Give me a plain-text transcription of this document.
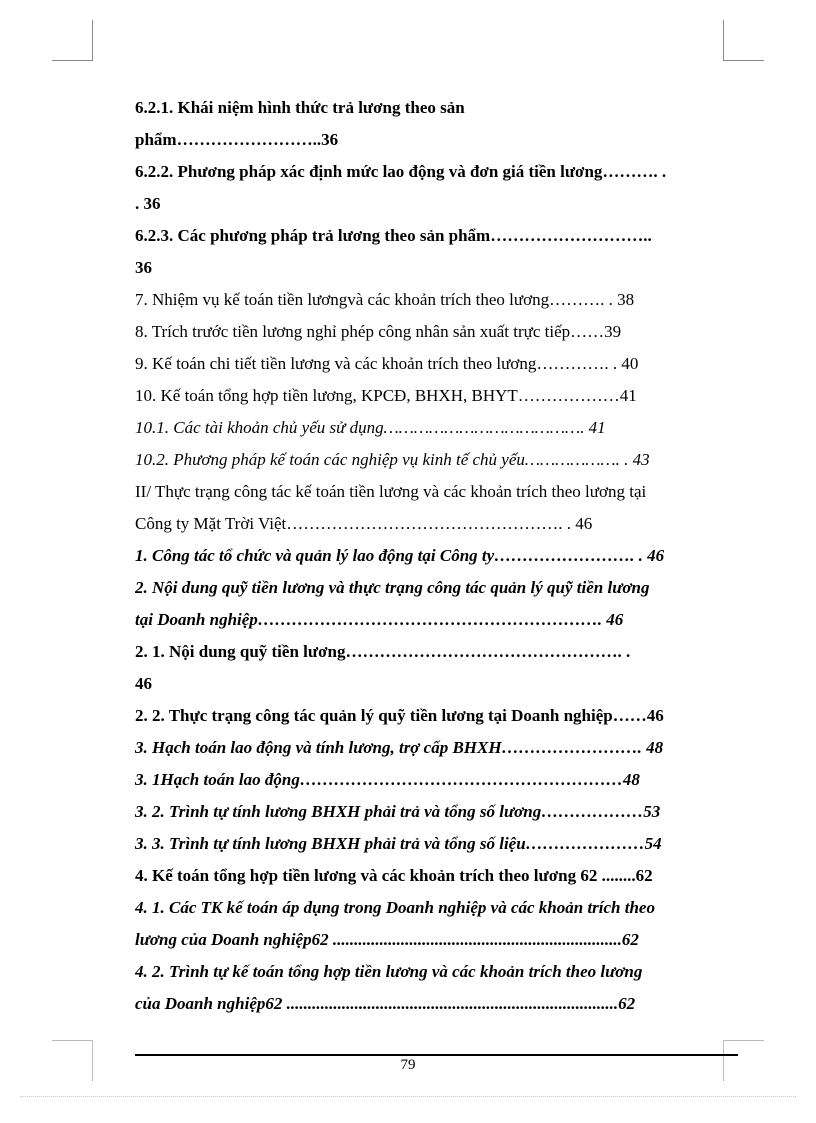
6.2.1. Khái niệm hình thức trả lương theo sản
phẩm……………………..36
6.2.2. Phương pháp xác định mức lao động và đơn giá tiền lương………. .
. 36
6.2.3. Các phương pháp trả lương theo sản phẩm………………………..
36
7. Nhiệm vụ kế toán tiền lươngvà các khoản trích theo lương………. . 38
8. Trích trước tiền lương nghỉ phép công nhân sản xuất trực tiếp……39
9. Kế toán chi tiết tiền lương và các khoản trích theo lương…………. . 40
10. Kế toán tổng hợp tiền lương, KPCĐ, BHXH, BHYT………………41
10.1. Các tài khoản chủ yếu sử dụng…………………………………. 41
10.2. Phương pháp kế toán các nghiệp vụ kinh tế chủ yếu………………. . 43
II/ Thực trạng công tác kế toán tiền lương và các khoản trích theo lương tại
Công ty Mặt Trời Việt…………………………………………. . 46
1. Công tác tổ chức và quản lý lao động tại Công ty……………………. . 46
2. Nội dung quỹ tiền lương và thực trạng công tác quản lý quỹ tiền lương
tại Doanh nghiệp……………………………………………………. 46
2. 1. Nội dung quỹ tiền lương…………………………………………. .
46
2. 2. Thực trạng công tác quản lý quỹ tiền lương tại Doanh nghiệp……46
3. Hạch toán lao động và tính lương, trợ cấp BHXH……………………. 48
3. 1Hạch toán lao động…………………………………………………48
3. 2. Trình tự tính lương BHXH phải trả và tổng số lương………………53
3. 3. Trình tự tính lương BHXH phải trả và tổng số liệu…………………54
4. Kế toán tổng hợp tiền lương và các khoản trích theo lương 62 ........62
4. 1. Các TK kế toán áp dụng trong Doanh nghiệp và các khoản trích theo
lương của Doanh nghiệp62 ....................................................................62
4. 2. Trình tự kế toán tổng hợp tiền lương và các khoản trích theo lương
của Doanh nghiệp62 ..............................................................................62
79
